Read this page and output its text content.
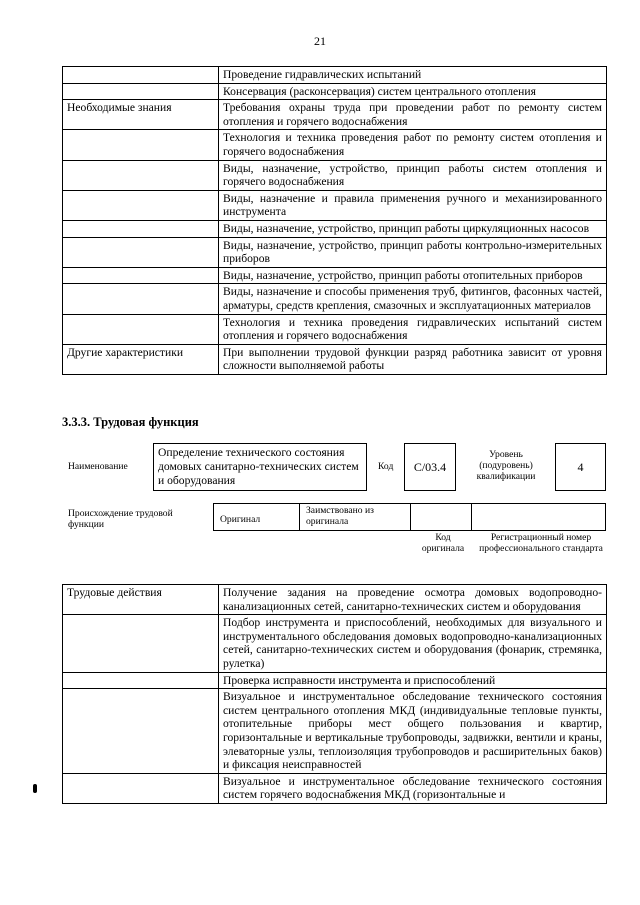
21
	Проведение гидравлических испытаний
	Консервация (расконсервация) систем центрального отопления
Необходимые знания	Требования охраны труда при проведении работ по ремонту систем отопления и горячего водоснабжения
	Технология и техника проведения работ по ремонту систем отопления и горячего водоснабжения
	Виды, назначение, устройство, принцип работы систем отопления и горячего водоснабжения
	Виды, назначение и правила применения ручного и механизированного инструмента
	Виды, назначение, устройство, принцип работы циркуляционных насосов
	Виды, назначение, устройство, принцип работы контрольно-измерительных приборов
	Виды, назначение, устройство, принцип работы отопительных приборов
	Виды, назначение и способы применения труб, фитингов, фасонных частей, арматуры, средств крепления, смазочных и эксплуатационных материалов
	Технология и техника проведения гидравлических испытаний систем отопления и горячего водоснабжения
Другие характеристики	При выполнении трудовой функции разряд работника зависит от уровня сложности выполняемой работы
3.3.3. Трудовая функция
Наименование
Определение технического состояния домовых санитарно-технических систем и оборудования
Код	C/03.4
Уровень (подуровень) квалификации
4
Происхождение трудовой функции	Оригинал
Заимствовано из оригинала
Код оригинала
Регистрационный номер профессионального стандарта
Трудовые действия	Получение задания на проведение осмотра домовых водопроводно-канализационных сетей, санитарно-технических систем и оборудования
	Подбор инструмента и приспособлений, необходимых для визуального и инструментального обследования домовых водопроводно-канализационных сетей, санитарно-технических систем и оборудования (фонарик, стремянка, рулетка)
	Проверка исправности инструмента и приспособлений
	Визуальное и инструментальное обследование технического состояния систем центрального отопления МКД (индивидуальные тепловые пункты, отопительные приборы мест общего пользования и квартир, горизонтальные и вертикальные трубопроводы, задвижки, вентили и краны, элеваторные узлы, теплоизоляция трубопроводов и расширительных баков) и фиксация неисправностей
	Визуальное и инструментальное обследование технического состояния систем горячего водоснабжения МКД (горизонтальные и
